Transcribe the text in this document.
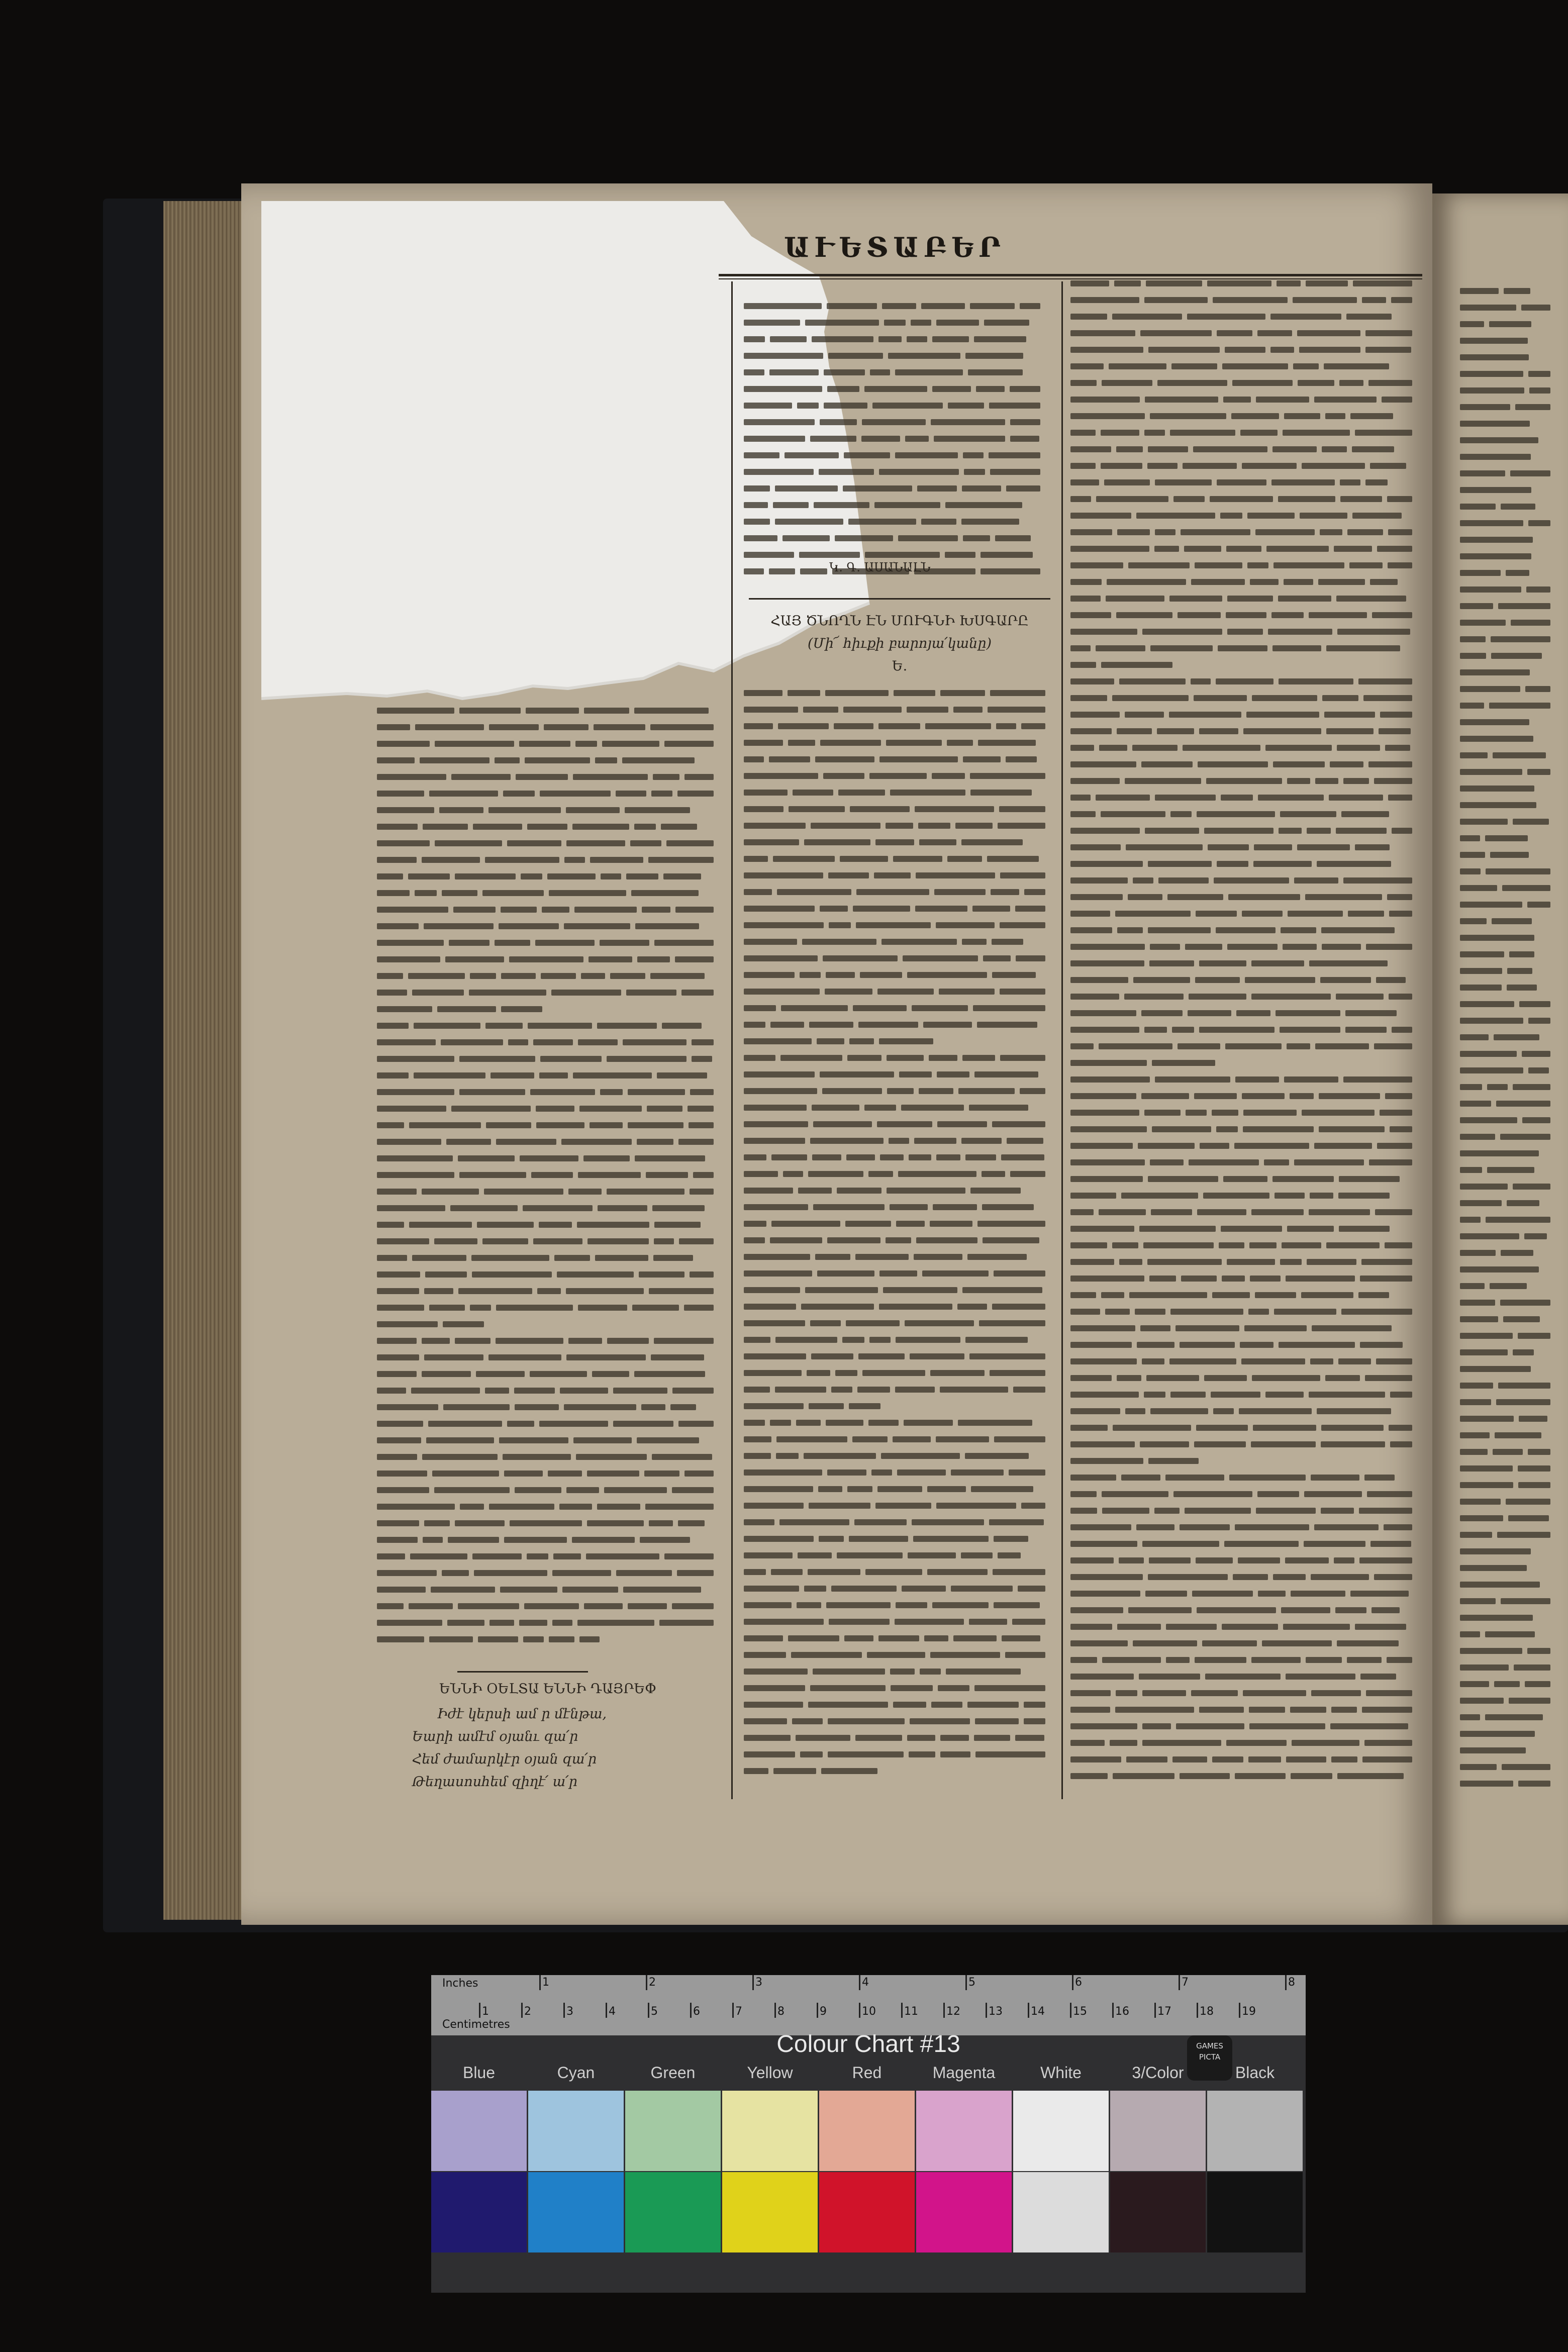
ԱՒԵՏԱԲԵՐ
ԵՆՆԻ ՕԵԼՏԱ ԵՆՆԻ ԴԱՅՐԵՓ
Իժէ կերսի ամ ր մէնթա,
Եարի ամէմ օյանւ զա՛ր
Հեմ ժամարկէր օյան զա՛ր
Թեղասոսհեմ զիղէ՛ ա՛ր
Կ. Գ. ԱՍԱՆԱԼՆ
ՀԱՅ ԾՆՈՂՆ ԷՆ ՄՈՒԳՆԻ ԽՍԳԱՐԸ
(Մի՜ հիւքի բարոյա՛կանը)
Ե.
Inches
Centimetres
1	2	3	4	5	6	7	8
1	2	3	4	5	6	7	8	9	10	11	12	13	14	15	16	17	18	19
Colour Chart #13	GAMES PICTA
Blue	Cyan	Green	Yellow	Red	Magenta	White	3/Color	Black
